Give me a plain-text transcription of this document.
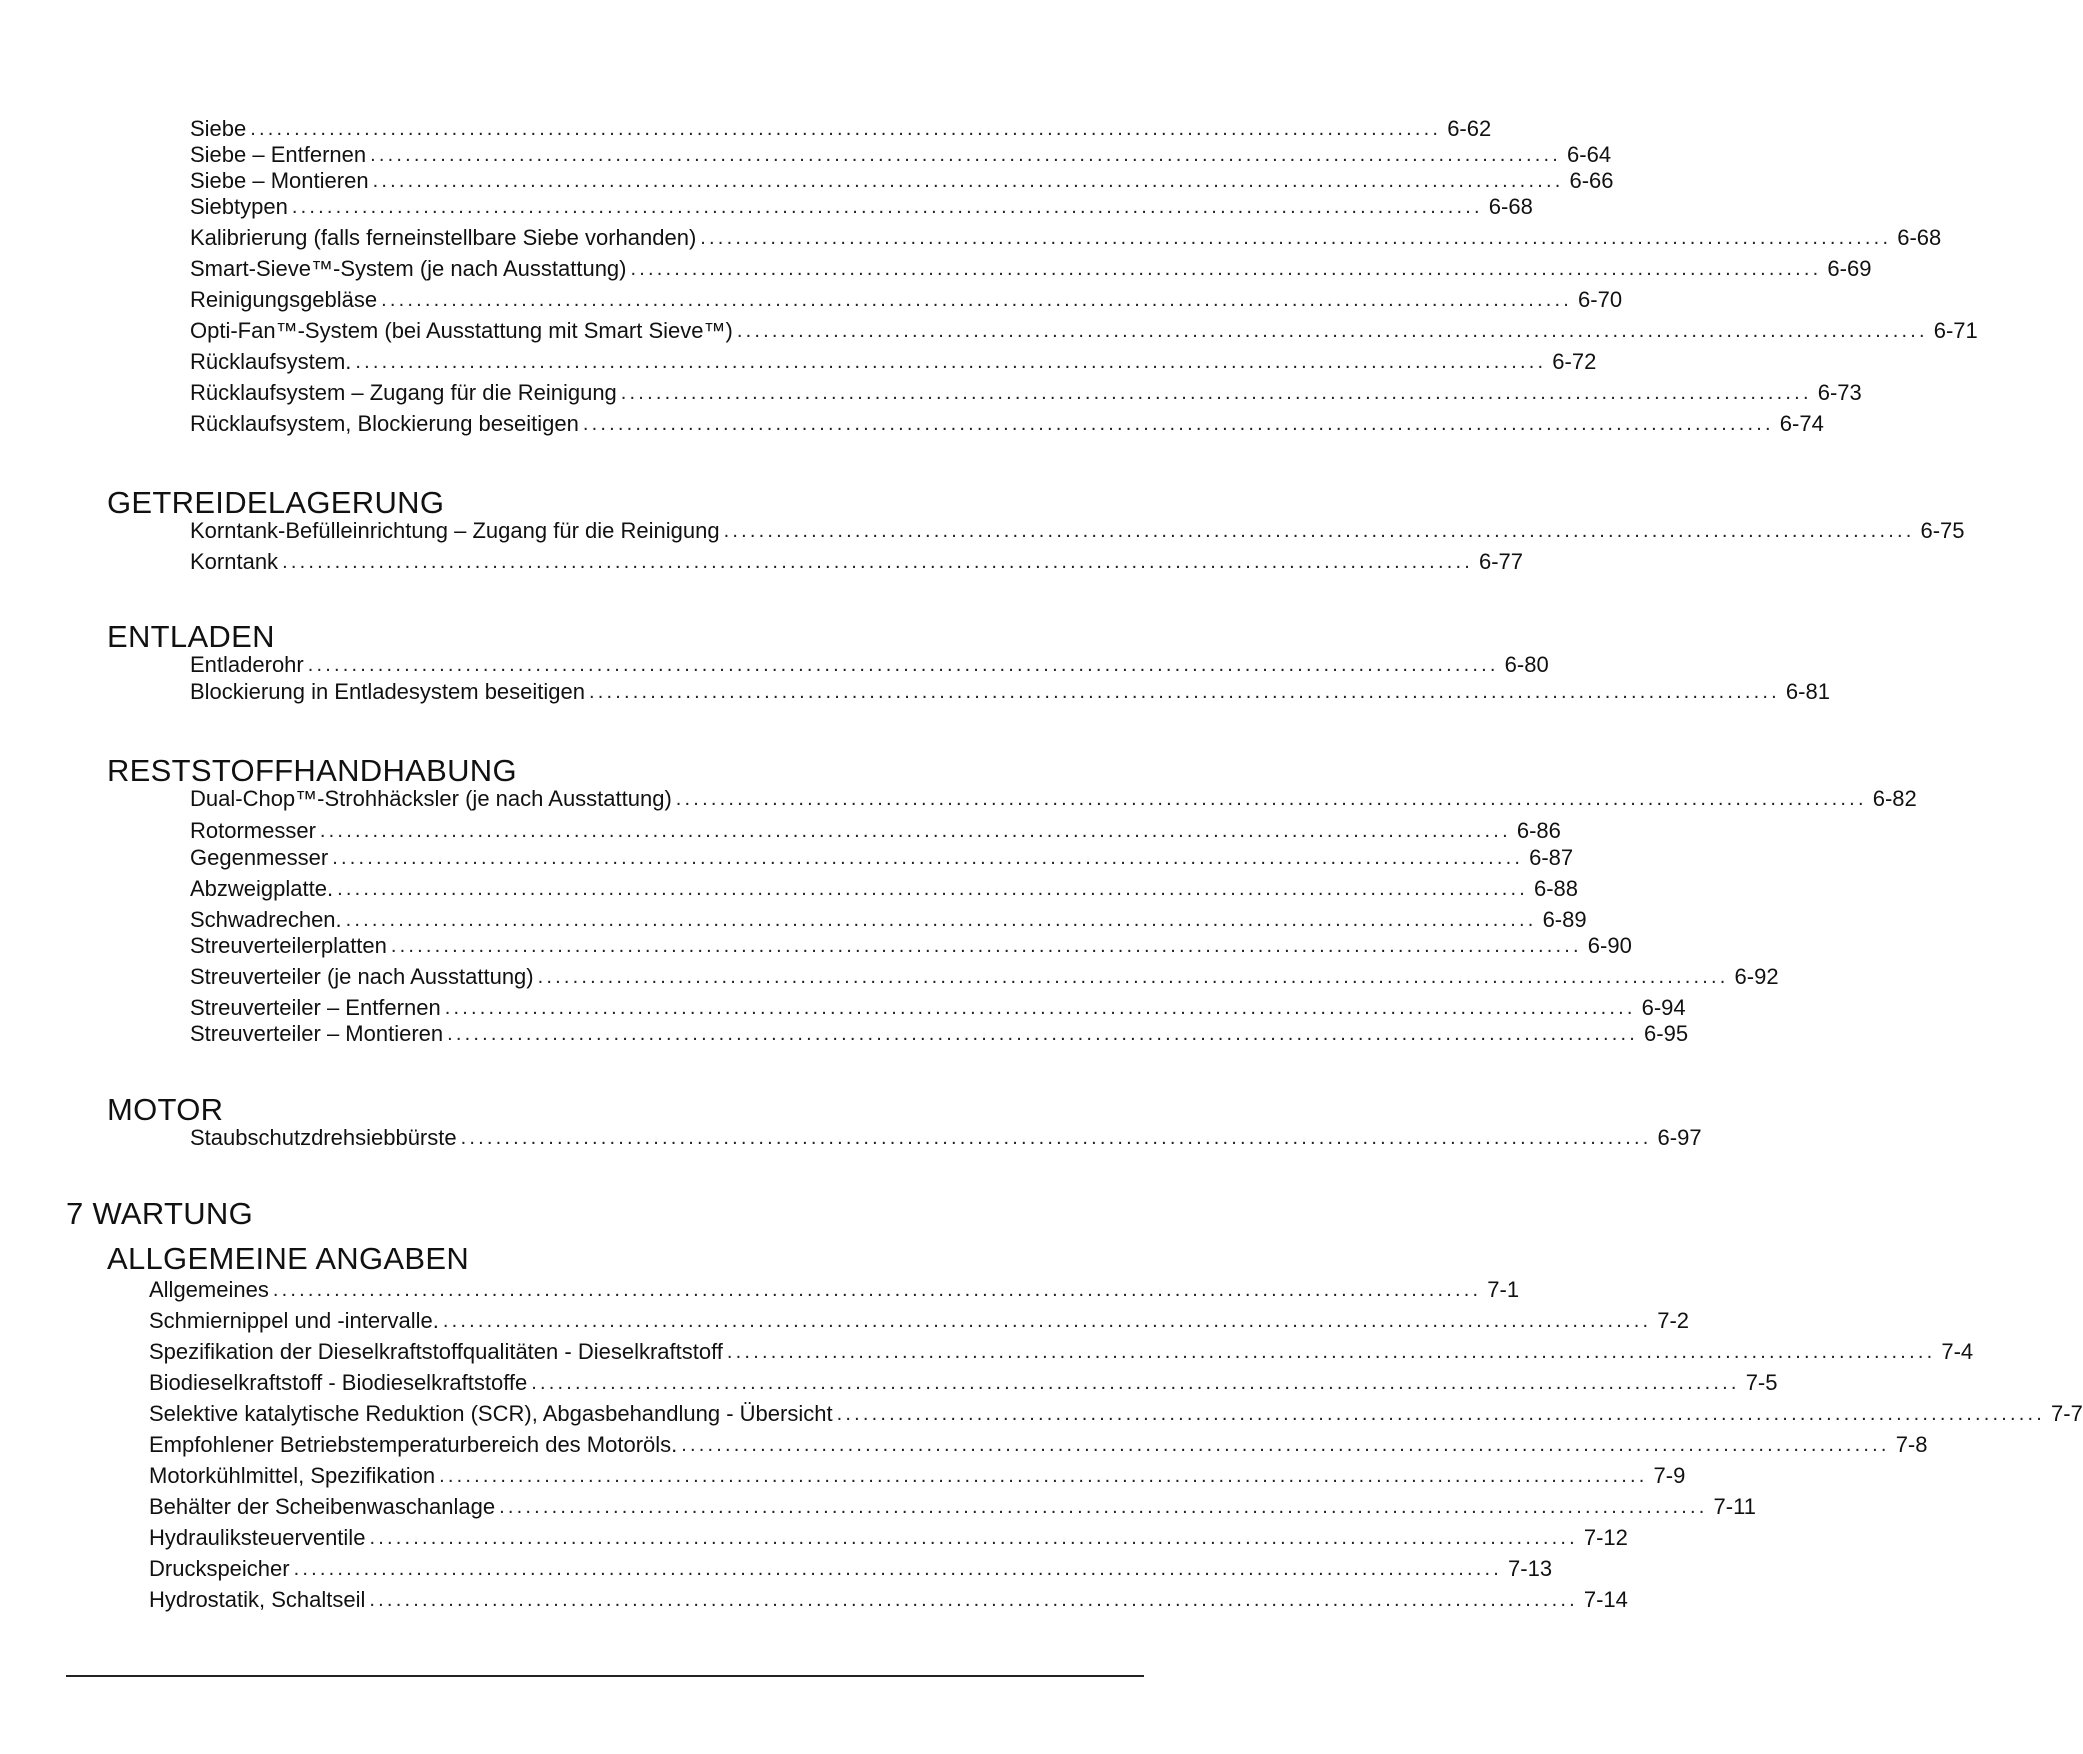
Siebe ........................................................................................................................................ 6-62
Siebe – Entfernen ........................................................................................................................................ 6-64
Siebe – Montieren ........................................................................................................................................ 6-66
Siebtypen ........................................................................................................................................ 6-68
Kalibrierung (falls ferneinstellbare Siebe vorhanden) ........................................................................................................................................ 6-68
Smart-Sieve™-System (je nach Ausstattung) ........................................................................................................................................ 6-69
Reinigungsgebläse ........................................................................................................................................ 6-70
Opti-Fan™-System (bei Ausstattung mit Smart Sieve™) ........................................................................................................................................ 6-71
Rücklaufsystem. ........................................................................................................................................ 6-72
Rücklaufsystem – Zugang für die Reinigung ........................................................................................................................................ 6-73
Rücklaufsystem, Blockierung beseitigen ........................................................................................................................................ 6-74
GETREIDELAGERUNG
Korntank-Befülleinrichtung – Zugang für die Reinigung ........................................................................................................................................ 6-75
Korntank ........................................................................................................................................ 6-77
ENTLADEN
Entladerohr ........................................................................................................................................ 6-80
Blockierung in Entladesystem beseitigen ........................................................................................................................................ 6-81
RESTSTOFFHANDHABUNG
Dual-Chop™-Strohhäcksler (je nach Ausstattung) ........................................................................................................................................ 6-82
Rotormesser ........................................................................................................................................ 6-86
Gegenmesser ........................................................................................................................................ 6-87
Abzweigplatte. ........................................................................................................................................ 6-88
Schwadrechen. ........................................................................................................................................ 6-89
Streuverteilerplatten ........................................................................................................................................ 6-90
Streuverteiler (je nach Ausstattung) ........................................................................................................................................ 6-92
Streuverteiler – Entfernen ........................................................................................................................................ 6-94
Streuverteiler – Montieren ........................................................................................................................................ 6-95
MOTOR
Staubschutzdrehsiebbürste ........................................................................................................................................ 6-97
7 WARTUNG
ALLGEMEINE ANGABEN
Allgemeines .......................................................................................................................................... 7-1
Schmiernippel und -intervalle. .......................................................................................................................................... 7-2
Spezifikation der Dieselkraftstoffqualitäten - Dieselkraftstoff .......................................................................................................................................... 7-4
Biodieselkraftstoff - Biodieselkraftstoffe .......................................................................................................................................... 7-5
Selektive katalytische Reduktion (SCR), Abgasbehandlung - Übersicht .......................................................................................................................................... 7-7
Empfohlener Betriebstemperaturbereich des Motoröls. .......................................................................................................................................... 7-8
Motorkühlmittel, Spezifikation .......................................................................................................................................... 7-9
Behälter der Scheibenwaschanlage .......................................................................................................................................... 7-11
Hydrauliksteuerventile .......................................................................................................................................... 7-12
Druckspeicher .......................................................................................................................................... 7-13
Hydrostatik, Schaltseil .......................................................................................................................................... 7-14
